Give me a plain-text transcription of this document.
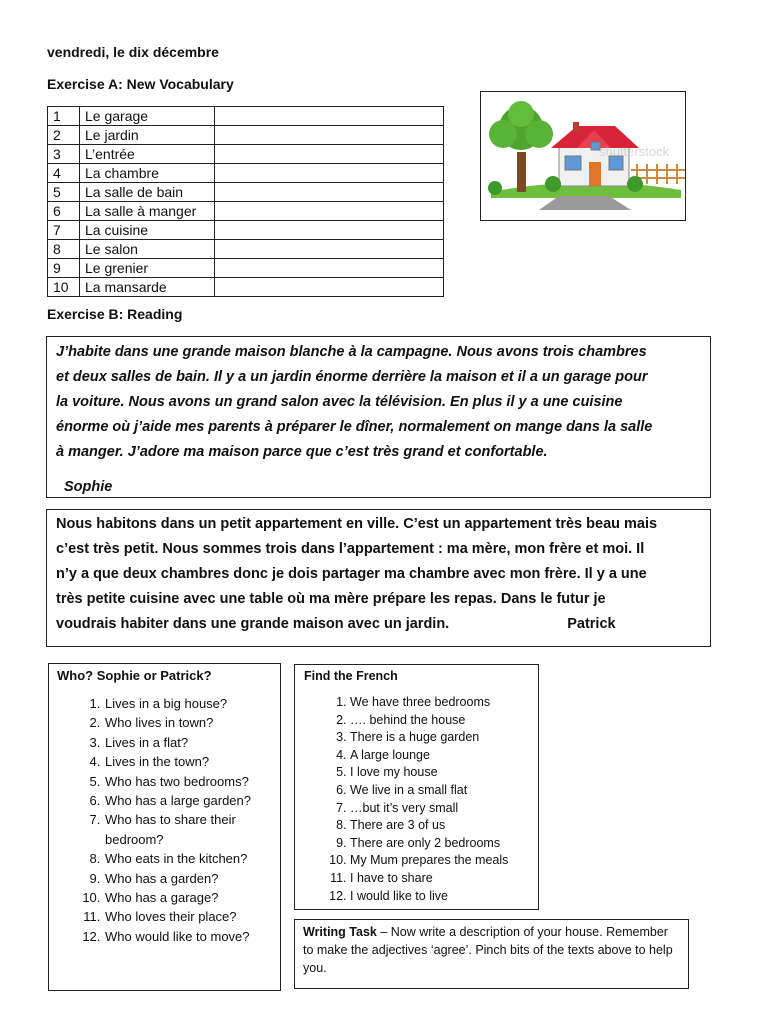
vendredi, le dix décembre
Exercise A: New Vocabulary
1	Le garage	
2	Le jardin	
3	L’entrée	
4	La chambre	
5	La salle de bain	
6	La salle à manger	
7	La cuisine	
8	Le salon	
9	Le grenier	
10	La mansarde	
shutterstock
Exercise B: Reading
J’habite dans une grande maison blanche à la campagne. Nous avons trois chambres
et deux salles de bain. Il y a un jardin énorme derrière la maison et il a un garage pour
la voiture. Nous avons un grand salon avec la télévision. En plus il y a une cuisine
énorme où j’aide mes parents à préparer le dîner, normalement on mange dans la salle
à manger. J’adore ma maison parce que c’est très grand et confortable.
Sophie
Nous habitons dans un petit appartement en ville. C’est un appartement très beau mais
c’est très petit. Nous sommes trois dans l’appartement : ma mère, mon frère et moi. Il
n’y a que deux chambres donc je dois partager ma chambre avec mon frère. Il y a une
très petite cuisine avec une table où ma mère prépare les repas. Dans le futur je
voudrais habiter dans une grande maison avec un jardin.	Patrick
Who? Sophie or Patrick?
1. Lives in a big house?
2. Who lives in town?
3. Lives in a flat?
4. Lives in the town?
5. Who has two bedrooms?
6. Who has a large garden?
7. Who has to share their bedroom?
8. Who eats in the kitchen?
9. Who has a garden?
10. Who has a garage?
11. Who loves their place?
12. Who would like to move?
Find the French
1. We have three bedrooms
2. …. behind the house
3. There is a huge garden
4. A large lounge
5. I love my house
6. We live in a small flat
7. …but it’s very small
8. There are 3 of us
9. There are only 2 bedrooms
10. My Mum prepares the meals
11. I have to share
12. I would like to live
Writing Task – Now write a description of your house. Remember to make the adjectives ‘agree’. Pinch bits of the texts above to help you.
